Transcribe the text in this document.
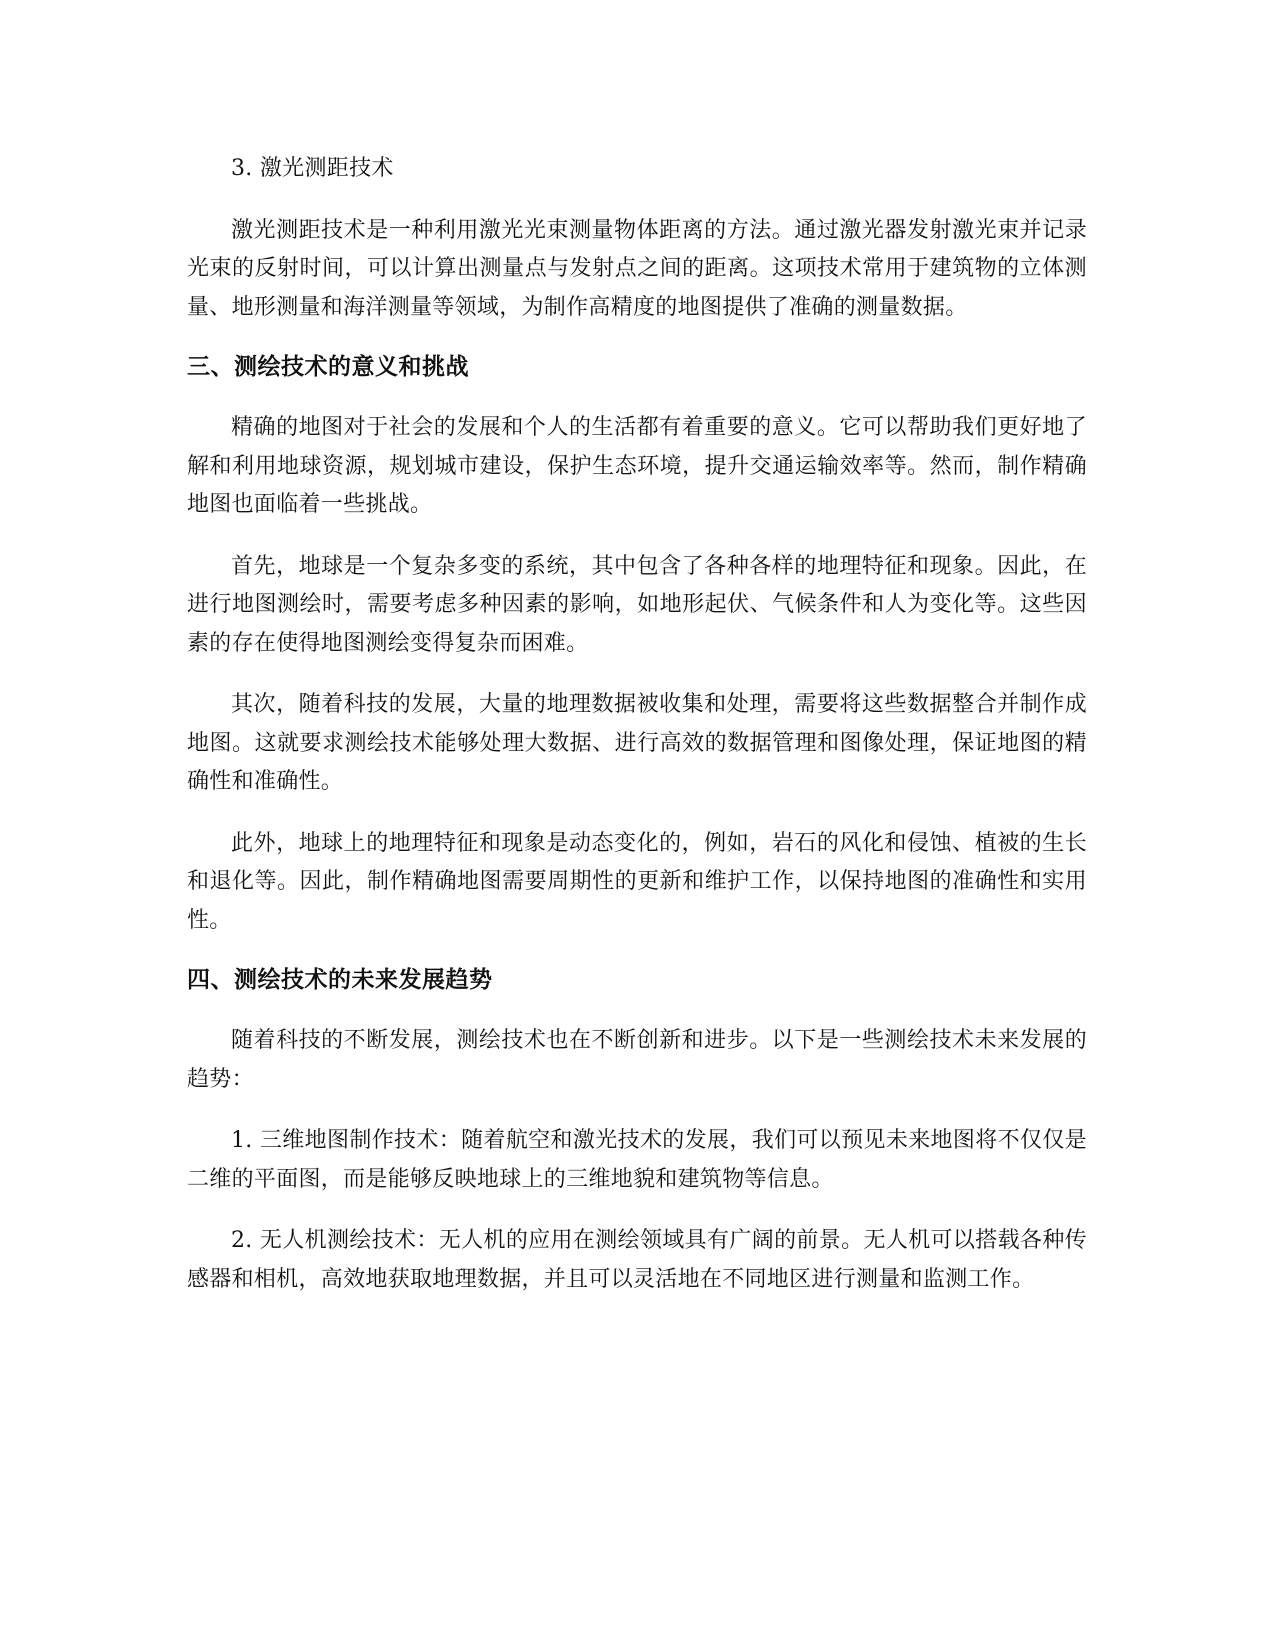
3. 激光测距技术

激光测距技术是一种利用激光光束测量物体距离的方法。通过激光器发射激光束并记录光束的反射时间，可以计算出测量点与发射点之间的距离。这项技术常用于建筑物的立体测量、地形测量和海洋测量等领域，为制作高精度的地图提供了准确的测量数据。

三、测绘技术的意义和挑战

精确的地图对于社会的发展和个人的生活都有着重要的意义。它可以帮助我们更好地了解和利用地球资源，规划城市建设，保护生态环境，提升交通运输效率等。然而，制作精确地图也面临着一些挑战。

首先，地球是一个复杂多变的系统，其中包含了各种各样的地理特征和现象。因此，在进行地图测绘时，需要考虑多种因素的影响，如地形起伏、气候条件和人为变化等。这些因素的存在使得地图测绘变得复杂而困难。

其次，随着科技的发展，大量的地理数据被收集和处理，需要将这些数据整合并制作成地图。这就要求测绘技术能够处理大数据、进行高效的数据管理和图像处理，保证地图的精确性和准确性。

此外，地球上的地理特征和现象是动态变化的，例如，岩石的风化和侵蚀、植被的生长和退化等。因此，制作精确地图需要周期性的更新和维护工作，以保持地图的准确性和实用性。

四、测绘技术的未来发展趋势

随着科技的不断发展，测绘技术也在不断创新和进步。以下是一些测绘技术未来发展的趋势：

1. 三维地图制作技术：随着航空和激光技术的发展，我们可以预见未来地图将不仅仅是二维的平面图，而是能够反映地球上的三维地貌和建筑物等信息。

2. 无人机测绘技术：无人机的应用在测绘领域具有广阔的前景。无人机可以搭载各种传感器和相机，高效地获取地理数据，并且可以灵活地在不同地区进行测量和监测工作。
